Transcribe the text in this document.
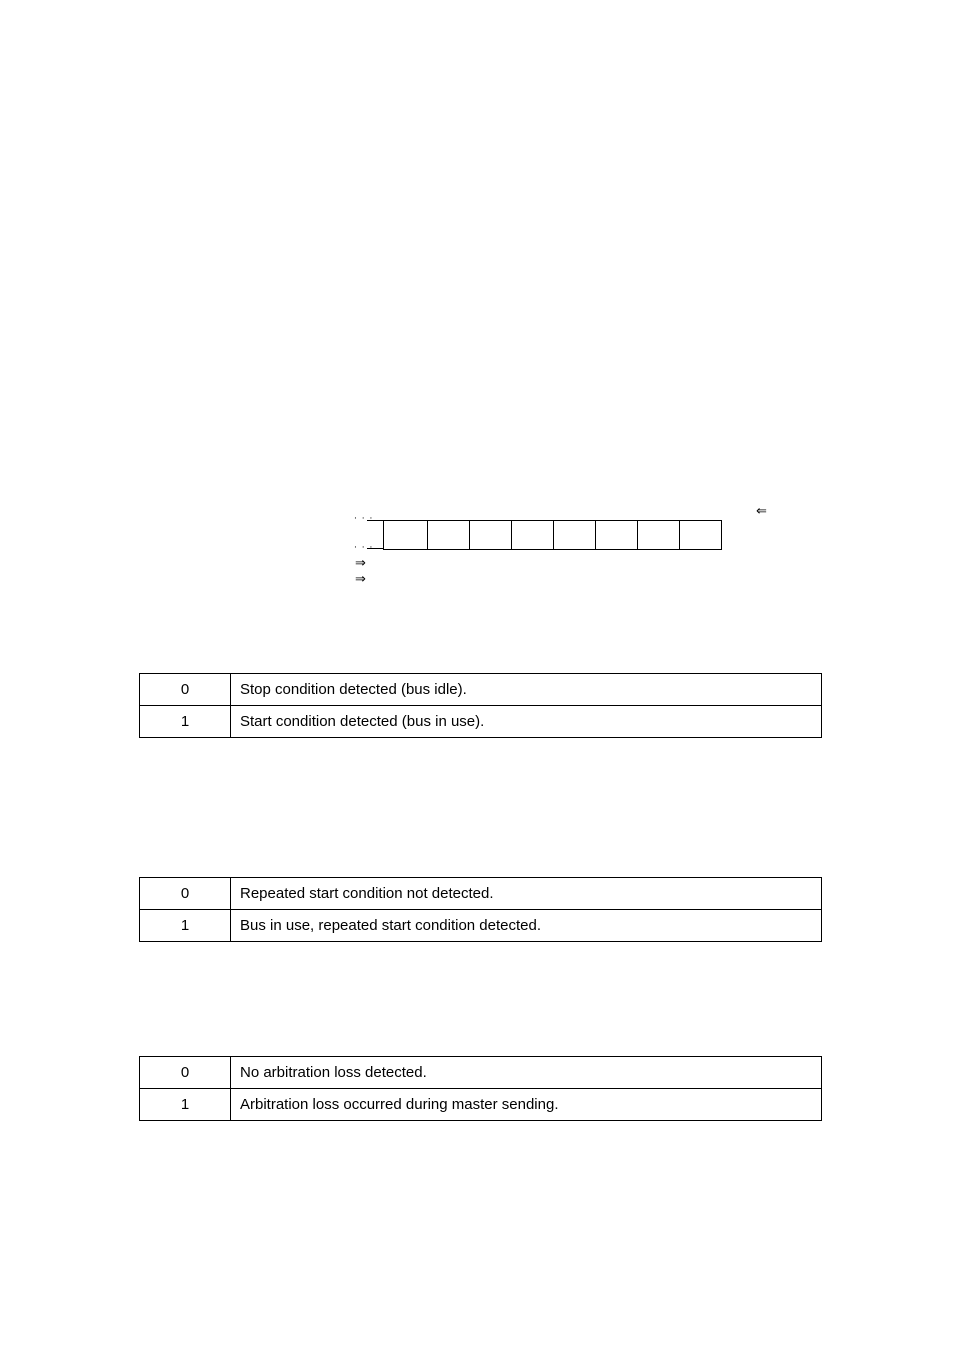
⇐
· · ·
· · ·
⇒
⇒
0	Stop condition detected (bus idle).
1	Start condition detected (bus in use).
0	Repeated start condition not detected.
1	Bus in use, repeated start condition detected.
0	No arbitration loss detected.
1	Arbitration loss occurred during master sending.
